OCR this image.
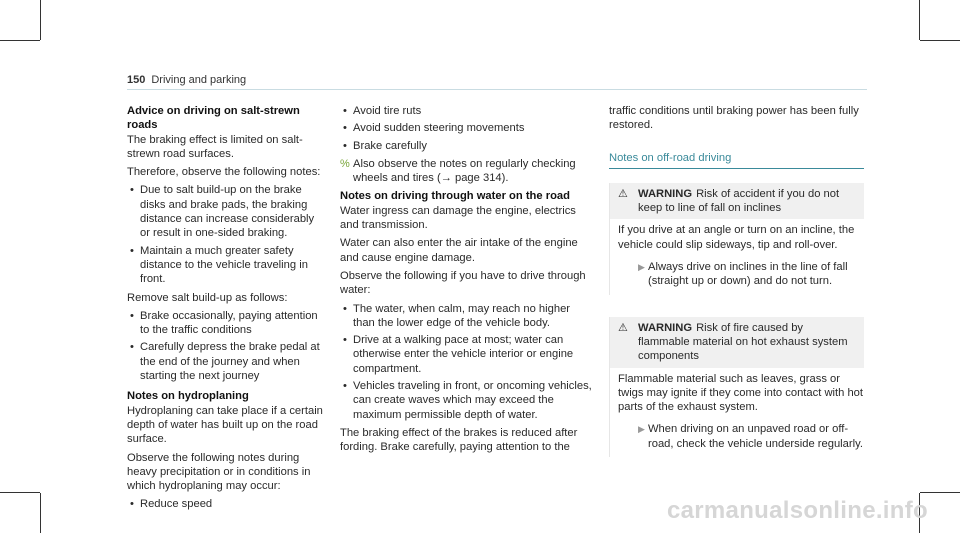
150 Driving and parking
Advice on driving on salt-strewn roads

The braking effect is limited on salt-strewn road surfaces.

Therefore, observe the following notes:

• Due to salt build-up on the brake disks and brake pads, the braking distance can increase considerably or result in one-sided braking.
• Maintain a much greater safety distance to the vehicle traveling in front.

Remove salt build-up as follows:

• Brake occasionally, paying attention to the traffic conditions
• Carefully depress the brake pedal at the end of the journey and when starting the next journey
Notes on hydroplaning

Hydroplaning can take place if a certain depth of water has built up on the road surface.

Observe the following notes during heavy precipitation or in conditions in which hydroplaning may occur:

• Reduce speed
• Avoid tire ruts
• Avoid sudden steering movements
• Brake carefully
% Also observe the notes on regularly checking wheels and tires (→ page 314).
Notes on driving through water on the road

Water ingress can damage the engine, electrics and transmission.

Water can also enter the air intake of the engine and cause engine damage.

Observe the following if you have to drive through water:

• The water, when calm, may reach no higher than the lower edge of the vehicle body.
• Drive at a walking pace at most; water can otherwise enter the vehicle interior or engine compartment.
• Vehicles traveling in front, or oncoming vehicles, can create waves which may exceed the maximum permissible depth of water.

The braking effect of the brakes is reduced after fording. Brake carefully, paying attention to the

traffic conditions until braking power has been fully restored.

Notes on off-road driving
⚠ WARNING Risk of accident if you do not keep to line of fall on inclines

If you drive at an angle or turn on an incline, the vehicle could slip sideways, tip and roll-over.

▶ Always drive on inclines in the line of fall (straight up or down) and do not turn.
⚠ WARNING Risk of fire caused by flammable material on hot exhaust system components

Flammable material such as leaves, grass or twigs may ignite if they come into contact with hot parts of the exhaust system.

▶ When driving on an unpaved road or off-road, check the vehicle underside regularly.
carmanualsonline.info
